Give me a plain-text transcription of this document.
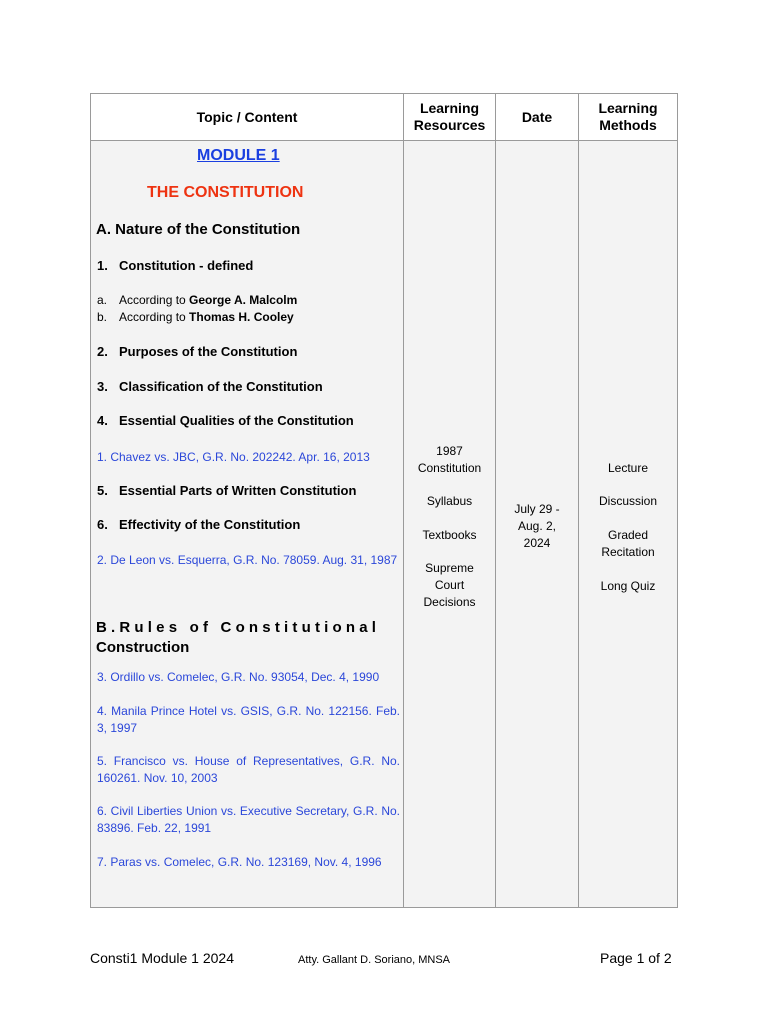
Topic / Content
Learning
Resources
Date
Learning
Methods
MODULE 1
THE CONSTITUTION
A. Nature of the Constitution
1. Constitution - defined
a. According to George A. Malcolm
b. According to Thomas H. Cooley
2. Purposes of the Constitution
3. Classification of the Constitution
4. Essential Qualities of the Constitution
1. Chavez vs. JBC, G.R. No. 202242. Apr. 16, 2013
5. Essential Parts of Written Constitution
6. Effectivity of the Constitution
2. De Leon vs. Esquerra, G.R. No. 78059. Aug. 31, 1987
B.Rules of Constitutional
Construction
3. Ordillo vs. Comelec, G.R. No. 93054, Dec. 4, 1990
4. Manila Prince Hotel vs. GSIS, G.R. No. 122156. Feb. 3, 1997
5. Francisco vs. House of Representatives, G.R. No. 160261. Nov. 10, 2003
6. Civil Liberties Union vs. Executive Secretary, G.R. No. 83896. Feb. 22, 1991
7. Paras vs. Comelec, G.R. No. 123169, Nov. 4, 1996
1987
Constitution
Syllabus
Textbooks
Supreme
Court
Decisions
July 29 -
Aug. 2,
2024
Lecture
Discussion
Graded
Recitation
Long Quiz
Consti1 Module 1 2024	Atty. Gallant D. Soriano, MNSA	Page 1 of 2
